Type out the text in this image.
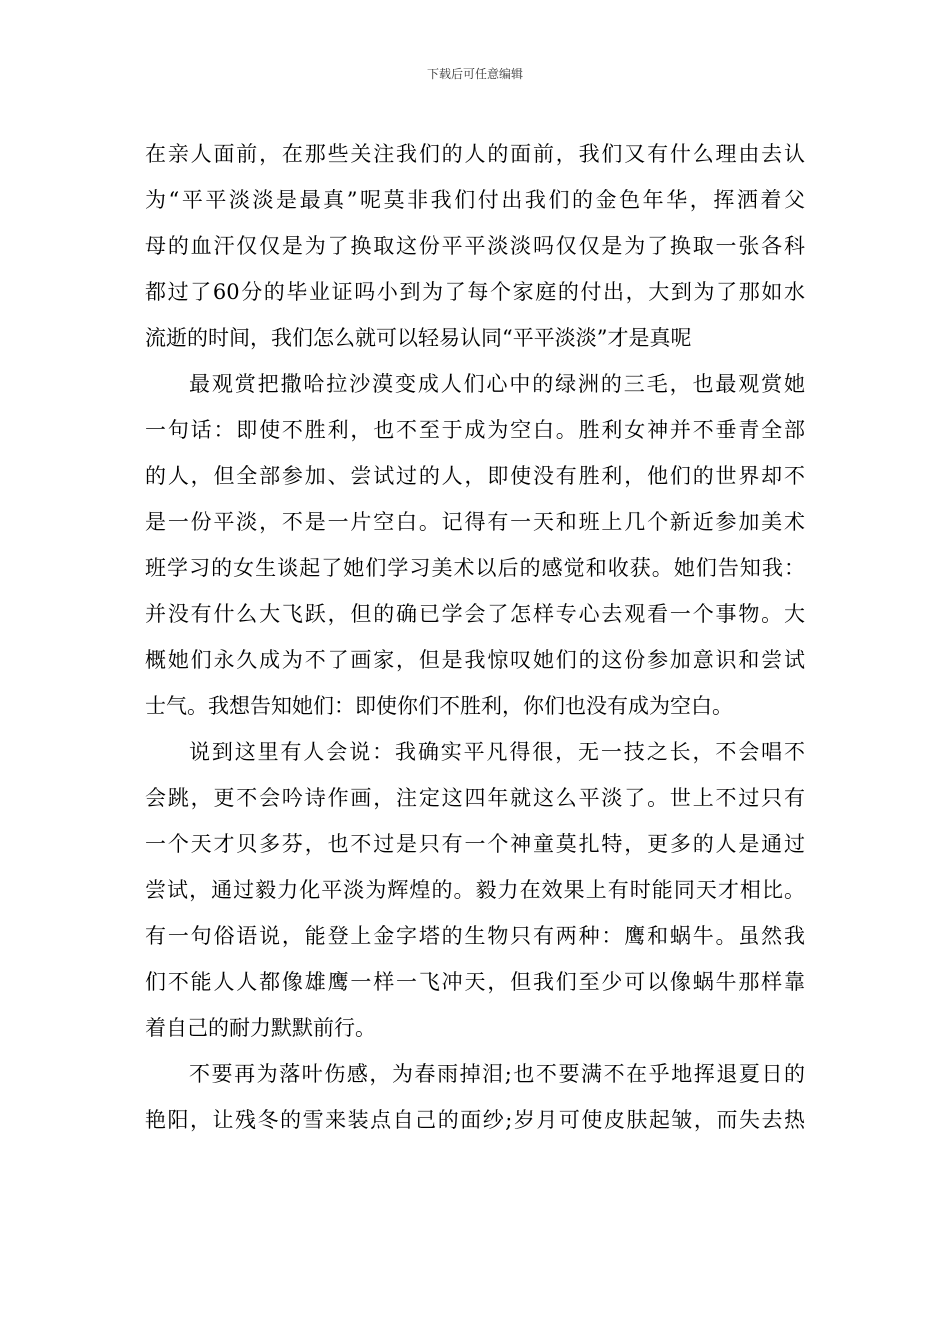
下载后可任意编辑
在亲人面前，在那些关注我们的人的面前，我们又有什么理由去认
为“平平淡淡是最真”呢莫非我们付出我们的金色年华，挥洒着父
母的血汗仅仅是为了换取这份平平淡淡吗仅仅是为了换取一张各科
都过了60分的毕业证吗小到为了每个家庭的付出，大到为了那如水
流逝的时间，我们怎么就可以轻易认同“平平淡淡”才是真呢
最观赏把撒哈拉沙漠变成人们心中的绿洲的三毛，也最观赏她
一句话：即使不胜利，也不至于成为空白。胜利女神并不垂青全部
的人，但全部参加、尝试过的人，即使没有胜利，他们的世界却不
是一份平淡，不是一片空白。记得有一天和班上几个新近参加美术
班学习的女生谈起了她们学习美术以后的感觉和收获。她们告知我：
并没有什么大飞跃，但的确已学会了怎样专心去观看一个事物。大
概她们永久成为不了画家，但是我惊叹她们的这份参加意识和尝试
士气。我想告知她们：即使你们不胜利，你们也没有成为空白。
说到这里有人会说：我确实平凡得很，无一技之长，不会唱不
会跳，更不会吟诗作画，注定这四年就这么平淡了。世上不过只有
一个天才贝多芬，也不过是只有一个神童莫扎特，更多的人是通过
尝试，通过毅力化平淡为辉煌的。毅力在效果上有时能同天才相比。
有一句俗语说，能登上金字塔的生物只有两种：鹰和蜗牛。虽然我
们不能人人都像雄鹰一样一飞冲天，但我们至少可以像蜗牛那样靠
着自己的耐力默默前行。
不要再为落叶伤感，为春雨掉泪;也不要满不在乎地挥退夏日的
艳阳，让残冬的雪来装点自己的面纱;岁月可使皮肤起皱，而失去热
